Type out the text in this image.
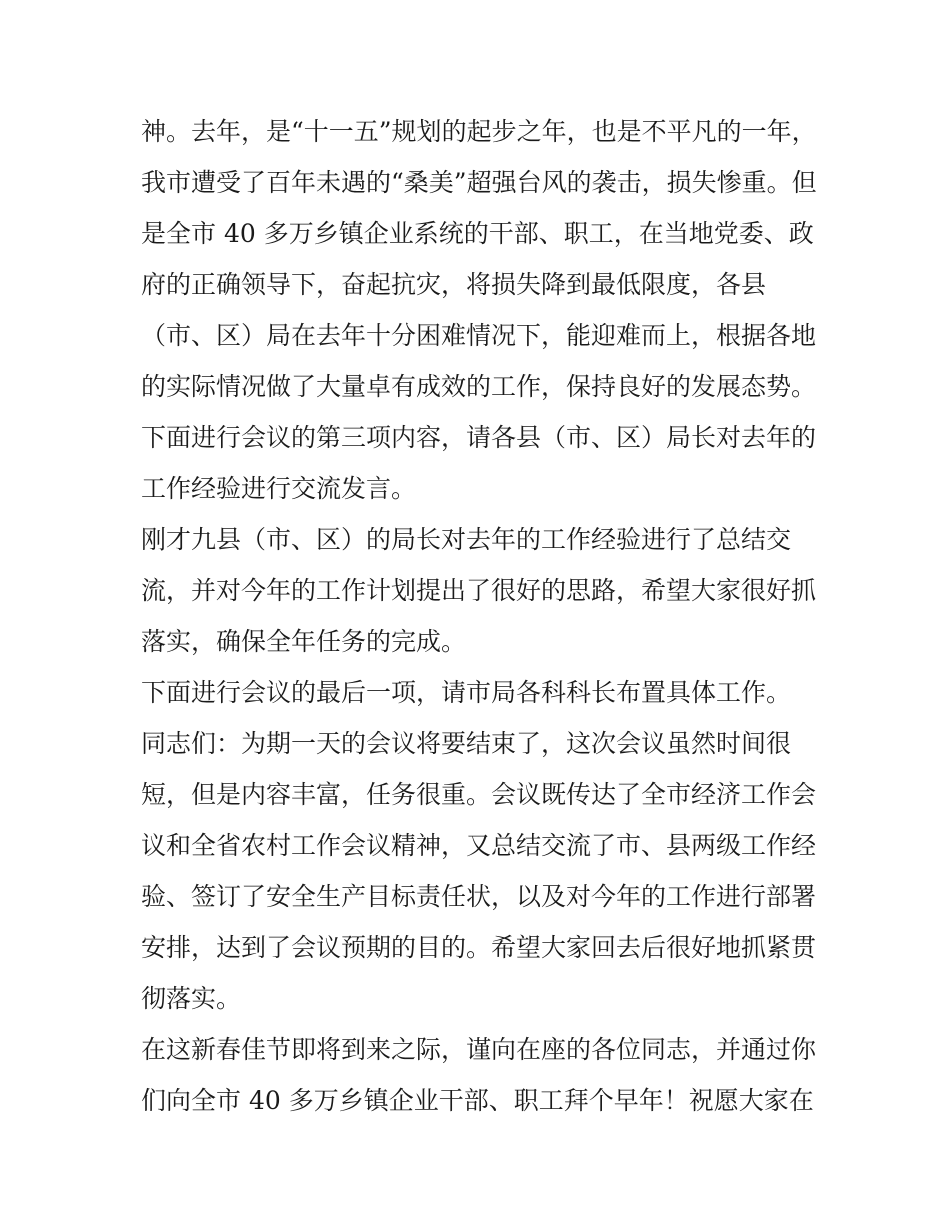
神。去年，是“十一五”规划的起步之年，也是不平凡的一年，
我市遭受了百年未遇的“桑美”超强台风的袭击，损失惨重。但
是全市 40 多万乡镇企业系统的干部、职工，在当地党委、政
府的正确领导下，奋起抗灾，将损失降到最低限度，各县
（市、区）局在去年十分困难情况下，能迎难而上，根据各地
的实际情况做了大量卓有成效的工作，保持良好的发展态势。
下面进行会议的第三项内容，请各县（市、区）局长对去年的
工作经验进行交流发言。
刚才九县（市、区）的局长对去年的工作经验进行了总结交
流，并对今年的工作计划提出了很好的思路，希望大家很好抓
落实，确保全年任务的完成。
下面进行会议的最后一项，请市局各科科长布置具体工作。
同志们：为期一天的会议将要结束了，这次会议虽然时间很
短，但是内容丰富，任务很重。会议既传达了全市经济工作会
议和全省农村工作会议精神，又总结交流了市、县两级工作经
验、签订了安全生产目标责任状，以及对今年的工作进行部署
安排，达到了会议预期的目的。希望大家回去后很好地抓紧贯
彻落实。
在这新春佳节即将到来之际，谨向在座的各位同志，并通过你
们向全市 40 多万乡镇企业干部、职工拜个早年！祝愿大家在
